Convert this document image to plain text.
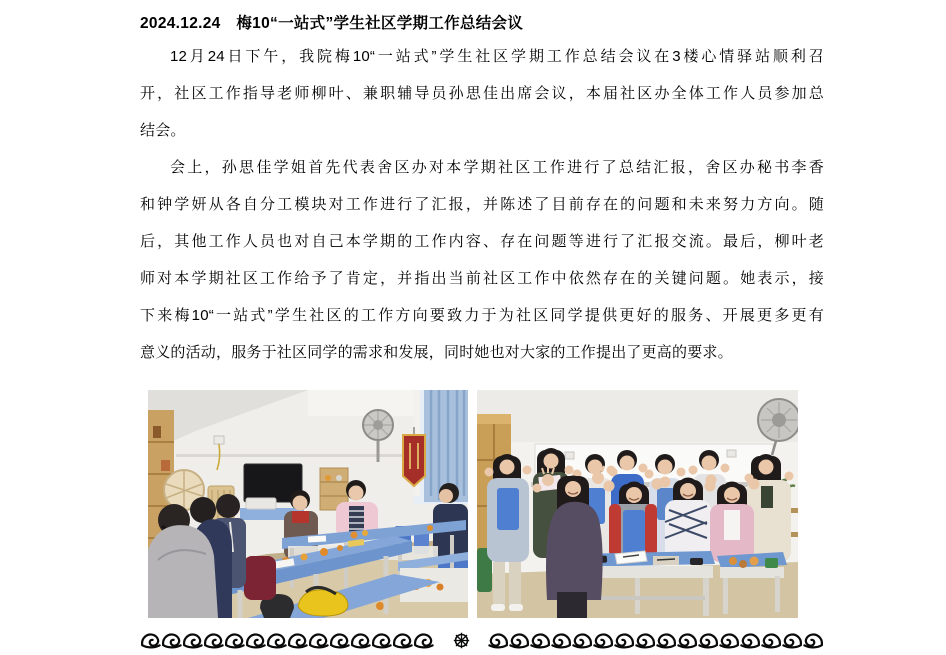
2024.12.24　梅10“一站式”学生社区学期工作总结会议
12月24日下午，我院梅10“一站式”学生社区学期工作总结会议在3楼心情驿站顺利召
开，社区工作指导老师柳叶、兼职辅导员孙思佳出席会议，本届社区办全体工作人员参加总
结会。
会上，孙思佳学姐首先代表舍区办对本学期社区工作进行了总结汇报，舍区办秘书李香
和钟学妍从各自分工模块对工作进行了汇报，并陈述了目前存在的问题和未来努力方向。随
后，其他工作人员也对自己本学期的工作内容、存在问题等进行了汇报交流。最后，柳叶老
师对本学期社区工作给予了肯定，并指出当前社区工作中依然存在的关键问题。她表示，接
下来梅10“一站式”学生社区的工作方向要致力于为社区同学提供更好的服务、开展更多更有
意义的活动，服务于社区同学的需求和发展，同时她也对大家的工作提出了更高的要求。
